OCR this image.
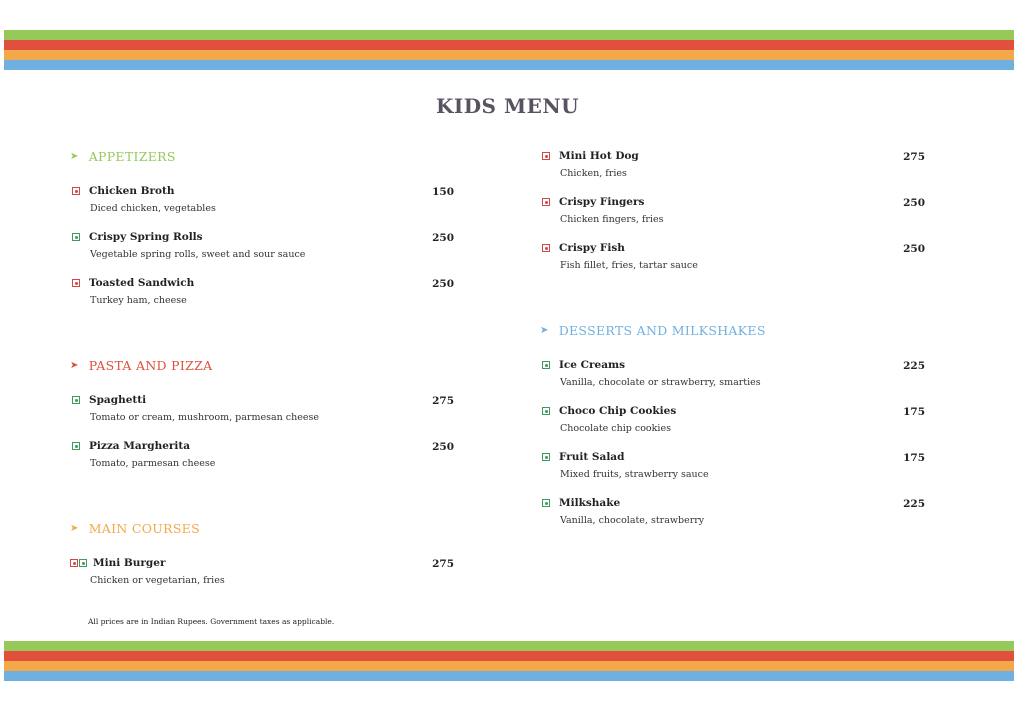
KIDS MENU
➤ APPETIZERS
Chicken Broth	150
Diced chicken, vegetables
Crispy Spring Rolls	250
Vegetable spring rolls, sweet and sour sauce
Toasted Sandwich	250
Turkey ham, cheese
➤ PASTA AND PIZZA
Spaghetti	275
Tomato or cream, mushroom, parmesan cheese
Pizza Margherita	250
Tomato, parmesan cheese
➤ MAIN COURSES
Mini Burger	275
Chicken or vegetarian, fries
Mini Hot Dog	275
Chicken, fries
Crispy Fingers	250
Chicken fingers, fries
Crispy Fish	250
Fish fillet, fries, tartar sauce
➤ DESSERTS AND MILKSHAKES
Ice Creams	225
Vanilla, chocolate or strawberry, smarties
Choco Chip Cookies	175
Chocolate chip cookies
Fruit Salad	175
Mixed fruits, strawberry sauce
Milkshake	225
Vanilla, chocolate, strawberry
All prices are in Indian Rupees. Government taxes as applicable.
